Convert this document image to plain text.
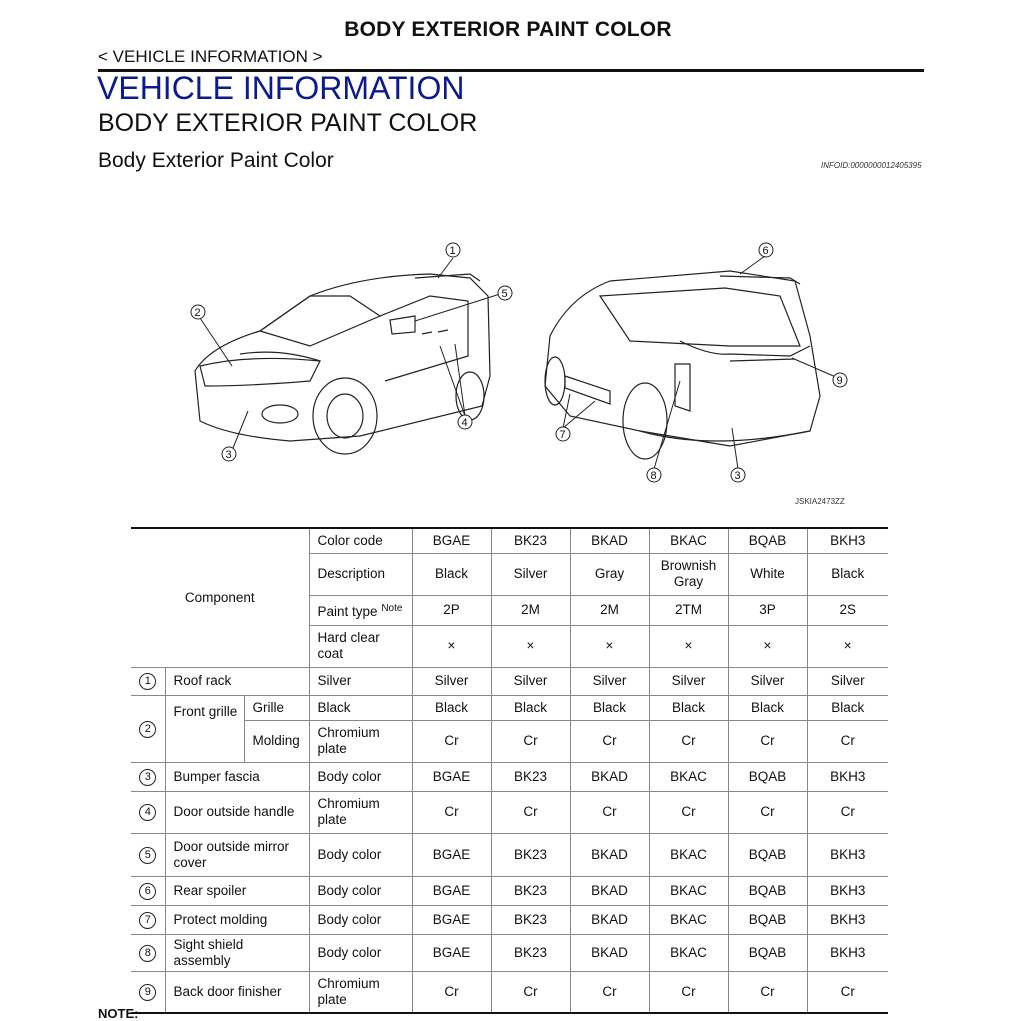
BODY EXTERIOR PAINT COLOR
< VEHICLE INFORMATION >
VEHICLE INFORMATION
BODY EXTERIOR PAINT COLOR
Body Exterior Paint Color	INFOID:0000000012405395
1
2
3
4
5
6
7
8	3
9
JSKIA2473ZZ
Component			Color code	BGAE	BK23	BKAD	BKAC	BQAB	BKH3
			Description	Black	Silver	Gray	Brownish Gray	White	Black
			Paint type $^{Note}$	2P	2M	2M	2TM	3P	2S
			Hard clear coat	×	×	×	×	×	×
1	Roof rack		Silver	Silver	Silver	Silver	Silver	Silver	Silver
2	Front grille	Grille	Black	Black	Black	Black	Black	Black	Black
		Molding	Chromium plate	Cr	Cr	Cr	Cr	Cr	Cr
3	Bumper fascia		Body color	BGAE	BK23	BKAD	BKAC	BQAB	BKH3
4	Door outside handle		Chromium plate	Cr	Cr	Cr	Cr	Cr	Cr
5	Door outside mirror cover		Body color	BGAE	BK23	BKAD	BKAC	BQAB	BKH3
6	Rear spoiler		Body color	BGAE	BK23	BKAD	BKAC	BQAB	BKH3
7	Protect molding		Body color	BGAE	BK23	BKAD	BKAC	BQAB	BKH3
8	Sight shield assembly		Body color	BGAE	BK23	BKAD	BKAC	BQAB	BKH3
9	Back door finisher		Chromium plate	Cr	Cr	Cr	Cr	Cr	Cr
NOTE:
